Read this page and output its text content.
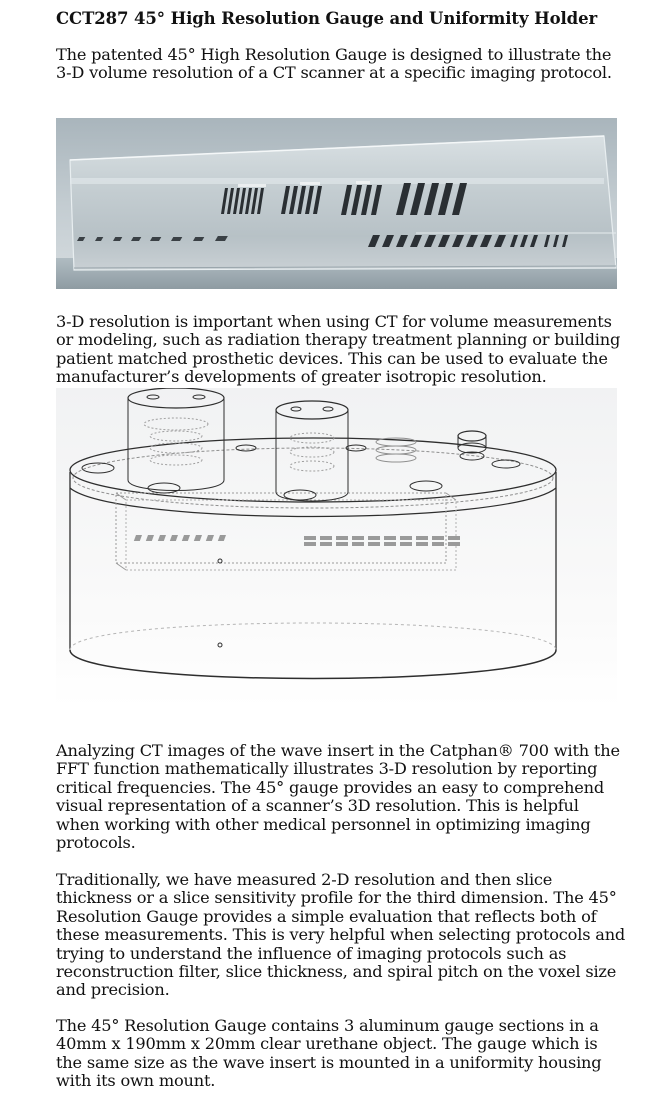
CCT287 45° High Resolution Gauge and Uniformity Holder

The patented 45° High Resolution Gauge is designed to illustrate the 3-D volume resolution of a CT scanner at a specific imaging protocol.

3-D resolution is important when using CT for volume measurements or modeling, such as radiation therapy treatment planning or building patient matched prosthetic devices. This can be used to evaluate the manufacturer’s developments of greater isotropic resolution.

Analyzing CT images of the wave insert in the Catphan® 700 with the FFT function mathematically illustrates 3-D resolution by reporting critical frequencies. The 45° gauge provides an easy to comprehend visual representation of a scanner’s 3D resolution. This is helpful when working with other medical personnel in optimizing imaging protocols.

Traditionally, we have measured 2-D resolution and then slice thickness or a slice sensitivity profile for the third dimension. The 45° Resolution Gauge provides a simple evaluation that reflects both of these measurements. This is very helpful when selecting protocols and trying to understand the influence of imaging protocols such as reconstruction filter, slice thickness, and spiral pitch on the voxel size and precision.

The 45° Resolution Gauge contains 3 aluminum gauge sections in a 40mm x 190mm x 20mm clear urethane object. The gauge which is the same size as the wave insert is mounted in a uniformity housing with its own mount.
